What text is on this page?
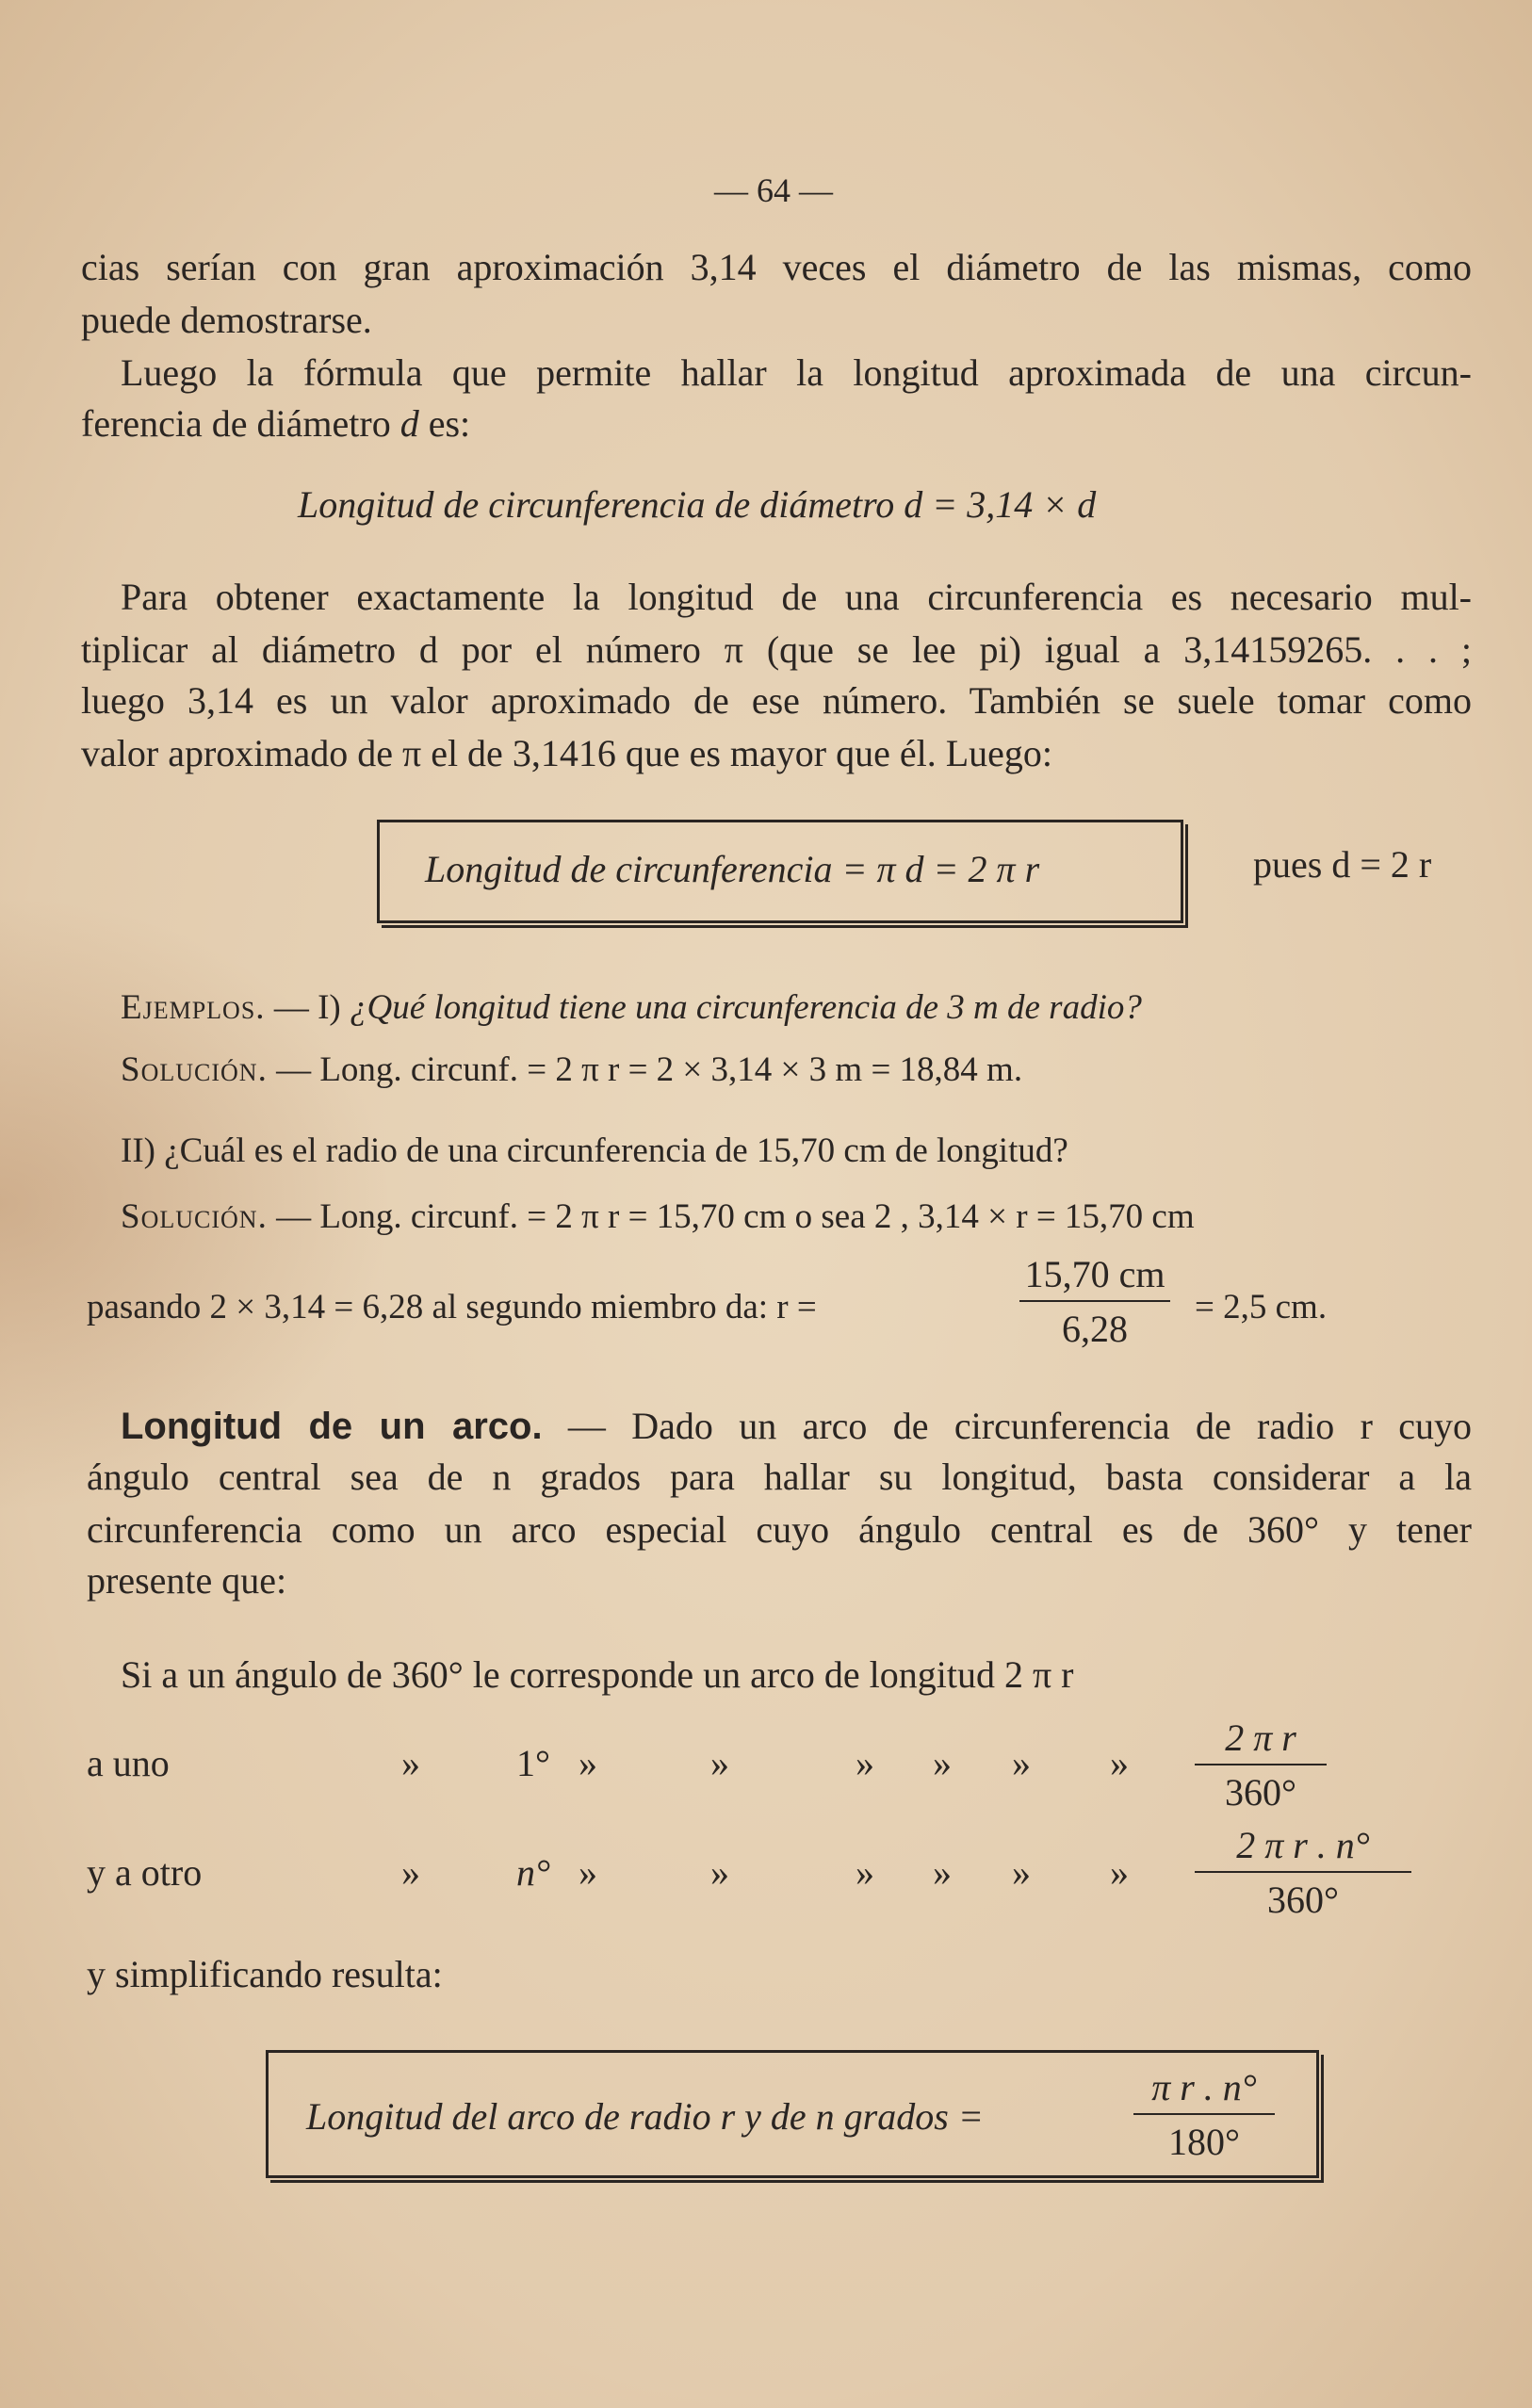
— 64 —
cias serían con gran aproximación 3,14 veces el diámetro de las mismas, como
puede demostrarse.
Luego la fórmula que permite hallar la longitud aproximada de una circun-
ferencia de diámetro d es:
Longitud de circunferencia de diámetro d = 3,14 × d
Para obtener exactamente la longitud de una circunferencia es necesario mul-
tiplicar al diámetro d por el número π (que se lee pi) igual a 3,14159265. . . ;
luego 3,14 es un valor aproximado de ese número. También se suele tomar como
valor aproximado de π el de 3,1416 que es mayor que él. Luego:
Longitud de circunferencia = π d = 2 π r	pues d = 2 r
Ejemplos. — I) ¿Qué longitud tiene una circunferencia de 3 m de radio?
Solución. — Long. circunf. = 2 π r = 2 × 3,14 × 3 m = 18,84 m.
II) ¿Cuál es el radio de una circunferencia de 15,70 cm de longitud?
Solución. — Long. circunf. = 2 π r = 15,70 cm o sea 2 , 3,14 × r = 15,70 cm
pasando 2 × 3,14 = 6,28 al segundo miembro da: r =
15,70 cm
6,28
= 2,5 cm.
Longitud de un arco. — Dado un arco de circunferencia de radio r cuyo
ángulo central sea de n grados para hallar su longitud, basta considerar a la
circunferencia como un arco especial cuyo ángulo central es de 360° y tener
presente que:
Si a un ángulo de 360° le corresponde un arco de longitud 2 π r
a uno	»	1° »	»	» » » »
2 π r
360°
y a otro	»	n° »	»	» » » »
2 π r . n°
360°
y simplificando resulta:
Longitud del arco de radio r y de n grados =
π r . n°
180°
